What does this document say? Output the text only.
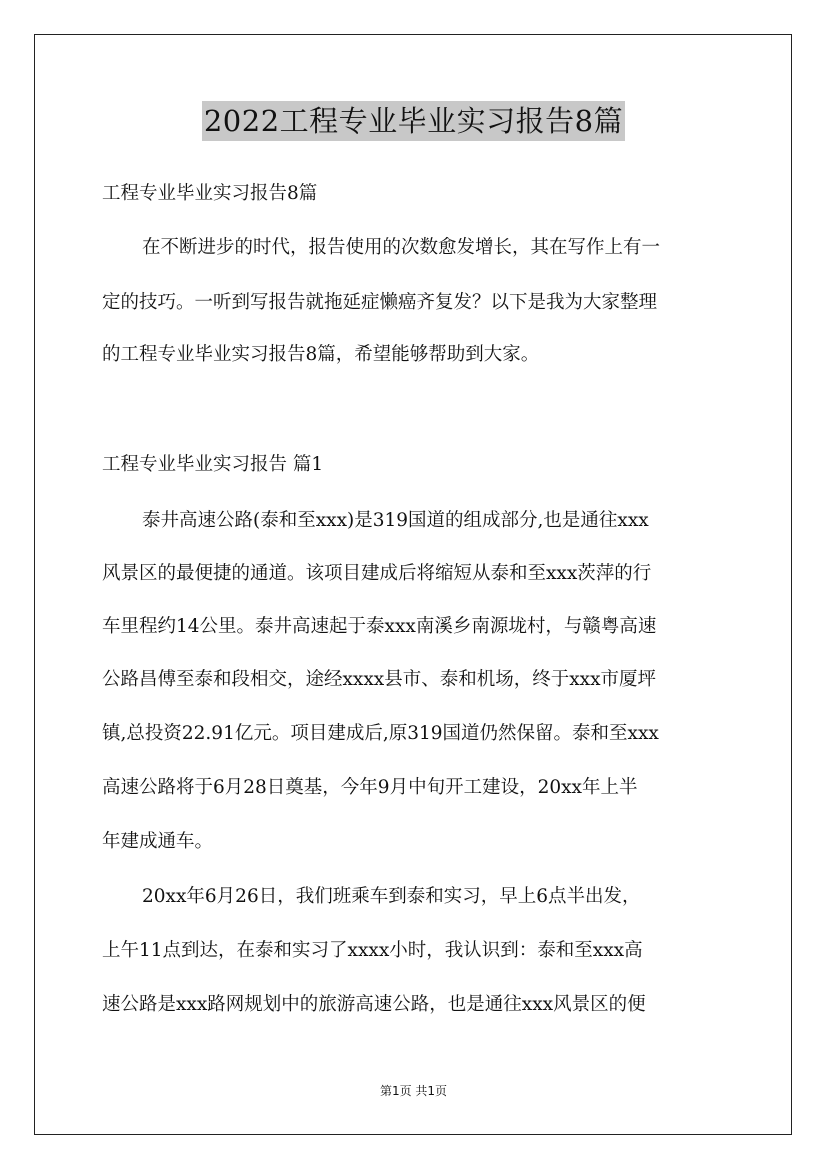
2022工程专业毕业实习报告8篇
工程专业毕业实习报告8篇
在不断进步的时代，报告使用的次数愈发增长，其在写作上有一
定的技巧。一听到写报告就拖延症懒癌齐复发？以下是我为大家整理
的工程专业毕业实习报告8篇，希望能够帮助到大家。
工程专业毕业实习报告 篇1
泰井高速公路(泰和至xxx)是319国道的组成部分,也是通往xxx
风景区的最便捷的通道。该项目建成后将缩短从泰和至xxx茨萍的行
车里程约14公里。泰井高速起于泰xxx南溪乡南源垅村，与赣粤高速
公路昌傅至泰和段相交，途经xxxx县市、泰和机场，终于xxx市厦坪
镇,总投资22.91亿元。项目建成后,原319国道仍然保留。泰和至xxx
高速公路将于6月28日奠基，今年9月中旬开工建设，20xx年上半
年建成通车。
20xx年6月26日，我们班乘车到泰和实习，早上6点半出发，
上午11点到达，在泰和实习了xxxx小时，我认识到：泰和至xxx高
速公路是xxx路网规划中的旅游高速公路，也是通往xxx风景区的便
第1页 共1页
